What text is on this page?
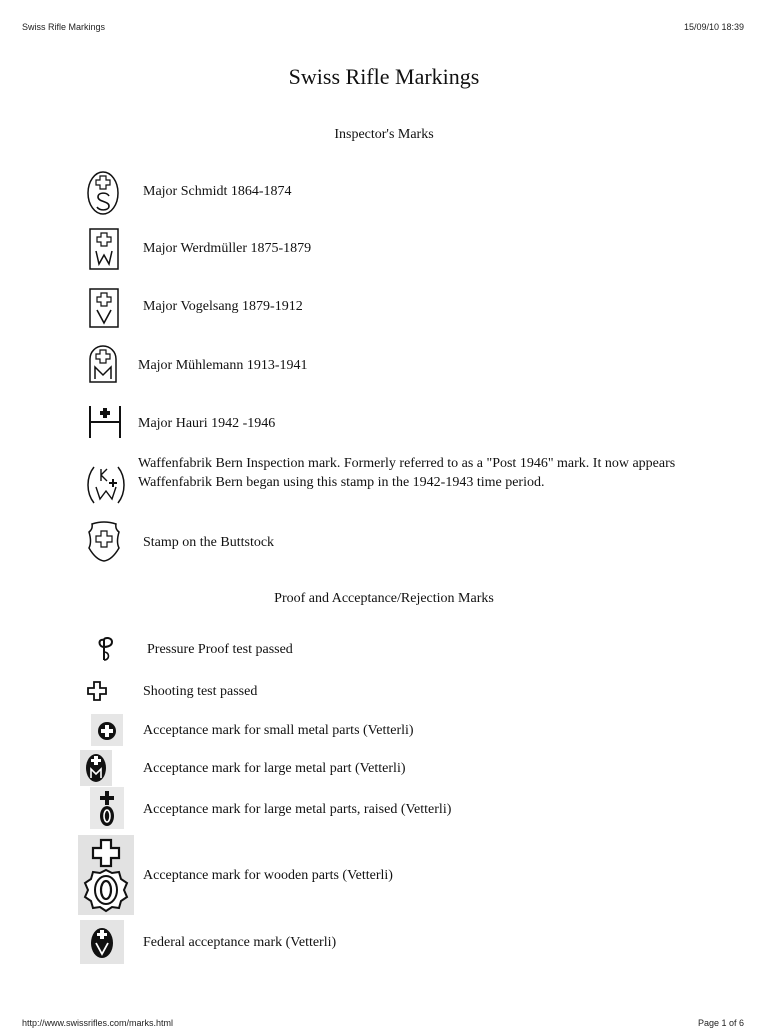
Swiss Rifle Markings	15/09/10 18:39
Swiss Rifle Markings
Inspector's Marks
Major Schmidt 1864-1874
Major Werdmüller 1875-1879
Major Vogelsang 1879-1912
Major Mühlemann 1913-1941
Major Hauri 1942 -1946
Waffenfabrik Bern Inspection mark. Formerly referred to as a "Post 1946" mark. It now appears Waffenfabrik Bern began using this stamp in the 1942-1943 time period.
Stamp on the Buttstock
Proof and Acceptance/Rejection Marks
Pressure Proof test passed
Shooting test passed
Acceptance mark for small metal parts (Vetterli)
Acceptance mark for large metal part (Vetterli)
Acceptance mark for large metal parts, raised (Vetterli)
Acceptance mark for wooden parts (Vetterli)
Federal acceptance mark (Vetterli)
http://www.swissrifles.com/marks.html	Page 1 of 6
